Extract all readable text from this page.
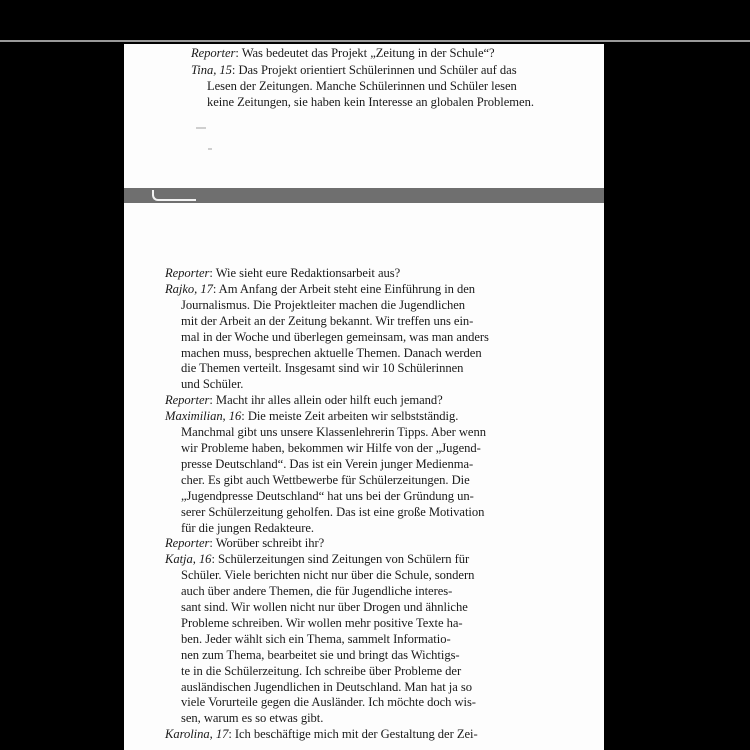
Reporter: Was bedeutet das Projekt „Zeitung in der Schule“?
Tina, 15: Das Projekt orientiert Schülerinnen und Schüler auf das
Lesen der Zeitungen. Manche Schülerinnen und Schüler lesen
keine Zeitungen, sie haben kein Interesse an globalen Problemen.
Reporter: Wie sieht eure Redaktionsarbeit aus?
Rajko, 17: Am Anfang der Arbeit steht eine Einführung in den
Journalismus. Die Projektleiter machen die Jugendlichen
mit der Arbeit an der Zeitung bekannt. Wir treffen uns ein-
mal in der Woche und überlegen gemeinsam, was man anders
machen muss, besprechen aktuelle Themen. Danach werden
die Themen verteilt. Insgesamt sind wir 10 Schülerinnen
und Schüler.
Reporter: Macht ihr alles allein oder hilft euch jemand?
Maximilian, 16: Die meiste Zeit arbeiten wir selbstständig.
Manchmal gibt uns unsere Klassenlehrerin Tipps. Aber wenn
wir Probleme haben, bekommen wir Hilfe von der „Jugend-
presse Deutschland“. Das ist ein Verein junger Medienma-
cher. Es gibt auch Wettbewerbe für Schülerzeitungen. Die
„Jugendpresse Deutschland“ hat uns bei der Gründung un-
serer Schülerzeitung geholfen. Das ist eine große Motivation
für die jungen Redakteure.
Reporter: Worüber schreibt ihr?
Katja, 16: Schülerzeitungen sind Zeitungen von Schülern für
Schüler. Viele berichten nicht nur über die Schule, sondern
auch über andere Themen, die für Jugendliche interes-
sant sind. Wir wollen nicht nur über Drogen und ähnliche
Probleme schreiben. Wir wollen mehr positive Texte ha-
ben. Jeder wählt sich ein Thema, sammelt Informatio-
nen zum Thema, bearbeitet sie und bringt das Wichtigs-
te in die Schülerzeitung. Ich schreibe über Probleme der
ausländischen Jugendlichen in Deutschland. Man hat ja so
viele Vorurteile gegen die Ausländer. Ich möchte doch wis-
sen, warum es so etwas gibt.
Karolina, 17: Ich beschäftige mich mit der Gestaltung der Zei-
